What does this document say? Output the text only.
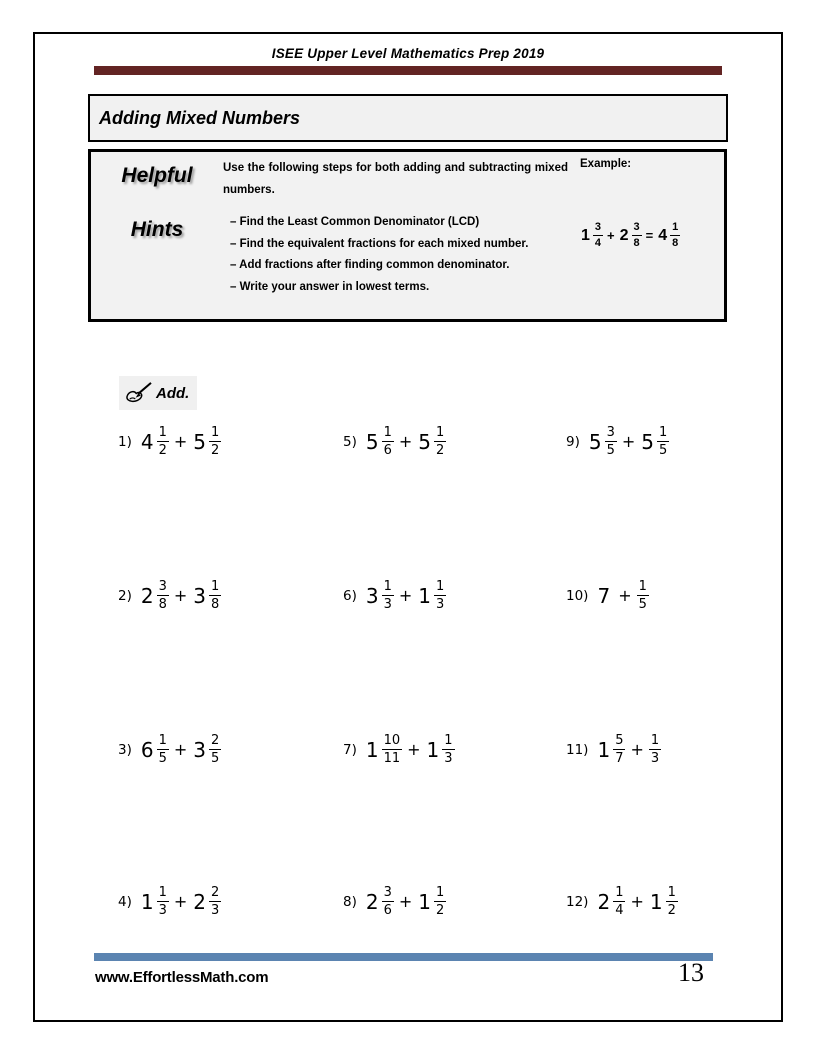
ISEE Upper Level Mathematics Prep 2019
Adding Mixed Numbers
Helpful
Hints
Use the following steps for both adding and subtracting mixed numbers.
– Find the Least Common Denominator (LCD)
– Find the equivalent fractions for each mixed number.
– Add fractions after finding common denominator.
– Write your answer in lowest terms.
Example:
$1 \frac{3}{4} + 2 \frac{3}{8} = 4 \frac{1}{8}$
Add.
1) $4 \frac{1}{2} + 5 \frac{1}{2}$
2) $2 \frac{3}{8} + 3 \frac{1}{8}$
3) $6 \frac{1}{5} + 3 \frac{2}{5}$
4) $1 \frac{1}{3} + 2 \frac{2}{3}$
5) $5 \frac{1}{6} + 5 \frac{1}{2}$
6) $3 \frac{1}{3} + 1 \frac{1}{3}$
7) $1 \frac{10}{11} + 1 \frac{1}{3}$
8) $2 \frac{3}{6} + 1 \frac{1}{2}$
9) $5 \frac{3}{5} + 5 \frac{1}{5}$
10) $7 + \frac{1}{5}$
11) $1 \frac{5}{7} + \frac{1}{3}$
12) $2 \frac{1}{4} + 1 \frac{1}{2}$
www.EffortlessMath.com	13
